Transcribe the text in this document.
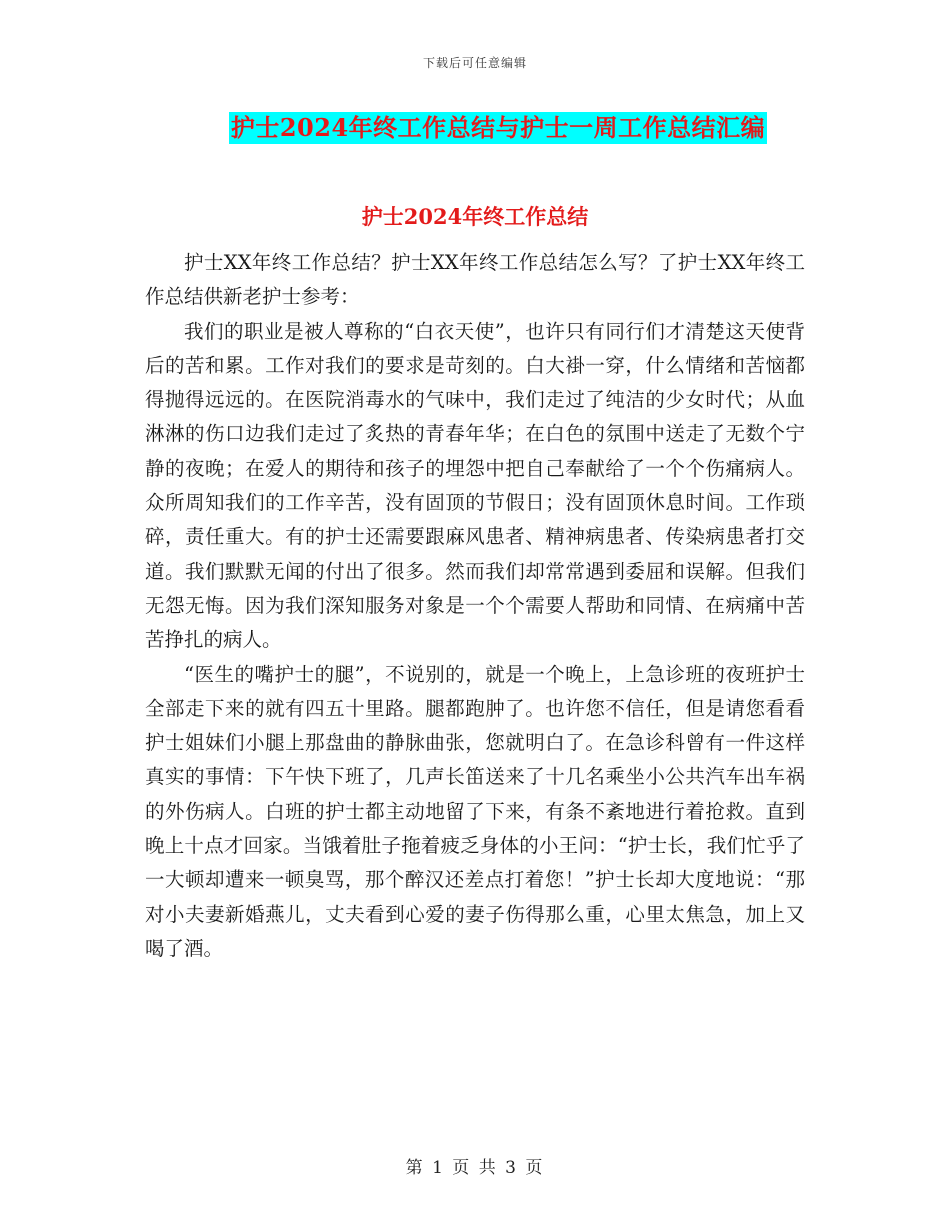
下载后可任意编辑
护士2024年终工作总结与护士一周工作总结汇编
护士2024年终工作总结

护士XX年终工作总结？护士XX年终工作总结怎么写？了护士XX年终工作总结供新老护士参考：

我们的职业是被人尊称的“白衣天使”，也许只有同行们才清楚这天使背后的苦和累。工作对我们的要求是苛刻的。白大褂一穿，什么情绪和苦恼都得抛得远远的。在医院消毒水的气味中，我们走过了纯洁的少女时代；从血淋淋的伤口边我们走过了炙热的青春年华；在白色的氛围中送走了无数个宁静的夜晚；在爱人的期待和孩子的埋怨中把自己奉献给了一个个伤痛病人。众所周知我们的工作辛苦，没有固顶的节假日；没有固顶休息时间。工作琐碎，责任重大。有的护士还需要跟麻风患者、精神病患者、传染病患者打交道。我们默默无闻的付出了很多。然而我们却常常遇到委屈和误解。但我们无怨无悔。因为我们深知服务对象是一个个需要人帮助和同情、在病痛中苦苦挣扎的病人。

“医生的嘴护士的腿”，不说别的，就是一个晚上，上急诊班的夜班护士全部走下来的就有四五十里路。腿都跑肿了。也许您不信任，但是请您看看护士姐妹们小腿上那盘曲的静脉曲张，您就明白了。在急诊科曾有一件这样真实的事情：下午快下班了，几声长笛送来了十几名乘坐小公共汽车出车祸的外伤病人。白班的护士都主动地留了下来，有条不紊地进行着抢救。直到晚上十点才回家。当饿着肚子拖着疲乏身体的小王问：“护士长，我们忙乎了一大顿却遭来一顿臭骂，那个醉汉还差点打着您！”护士长却大度地说：“那对小夫妻新婚燕儿，丈夫看到心爱的妻子伤得那么重，心里太焦急，加上又喝了酒。

第 1 页 共 3 页
